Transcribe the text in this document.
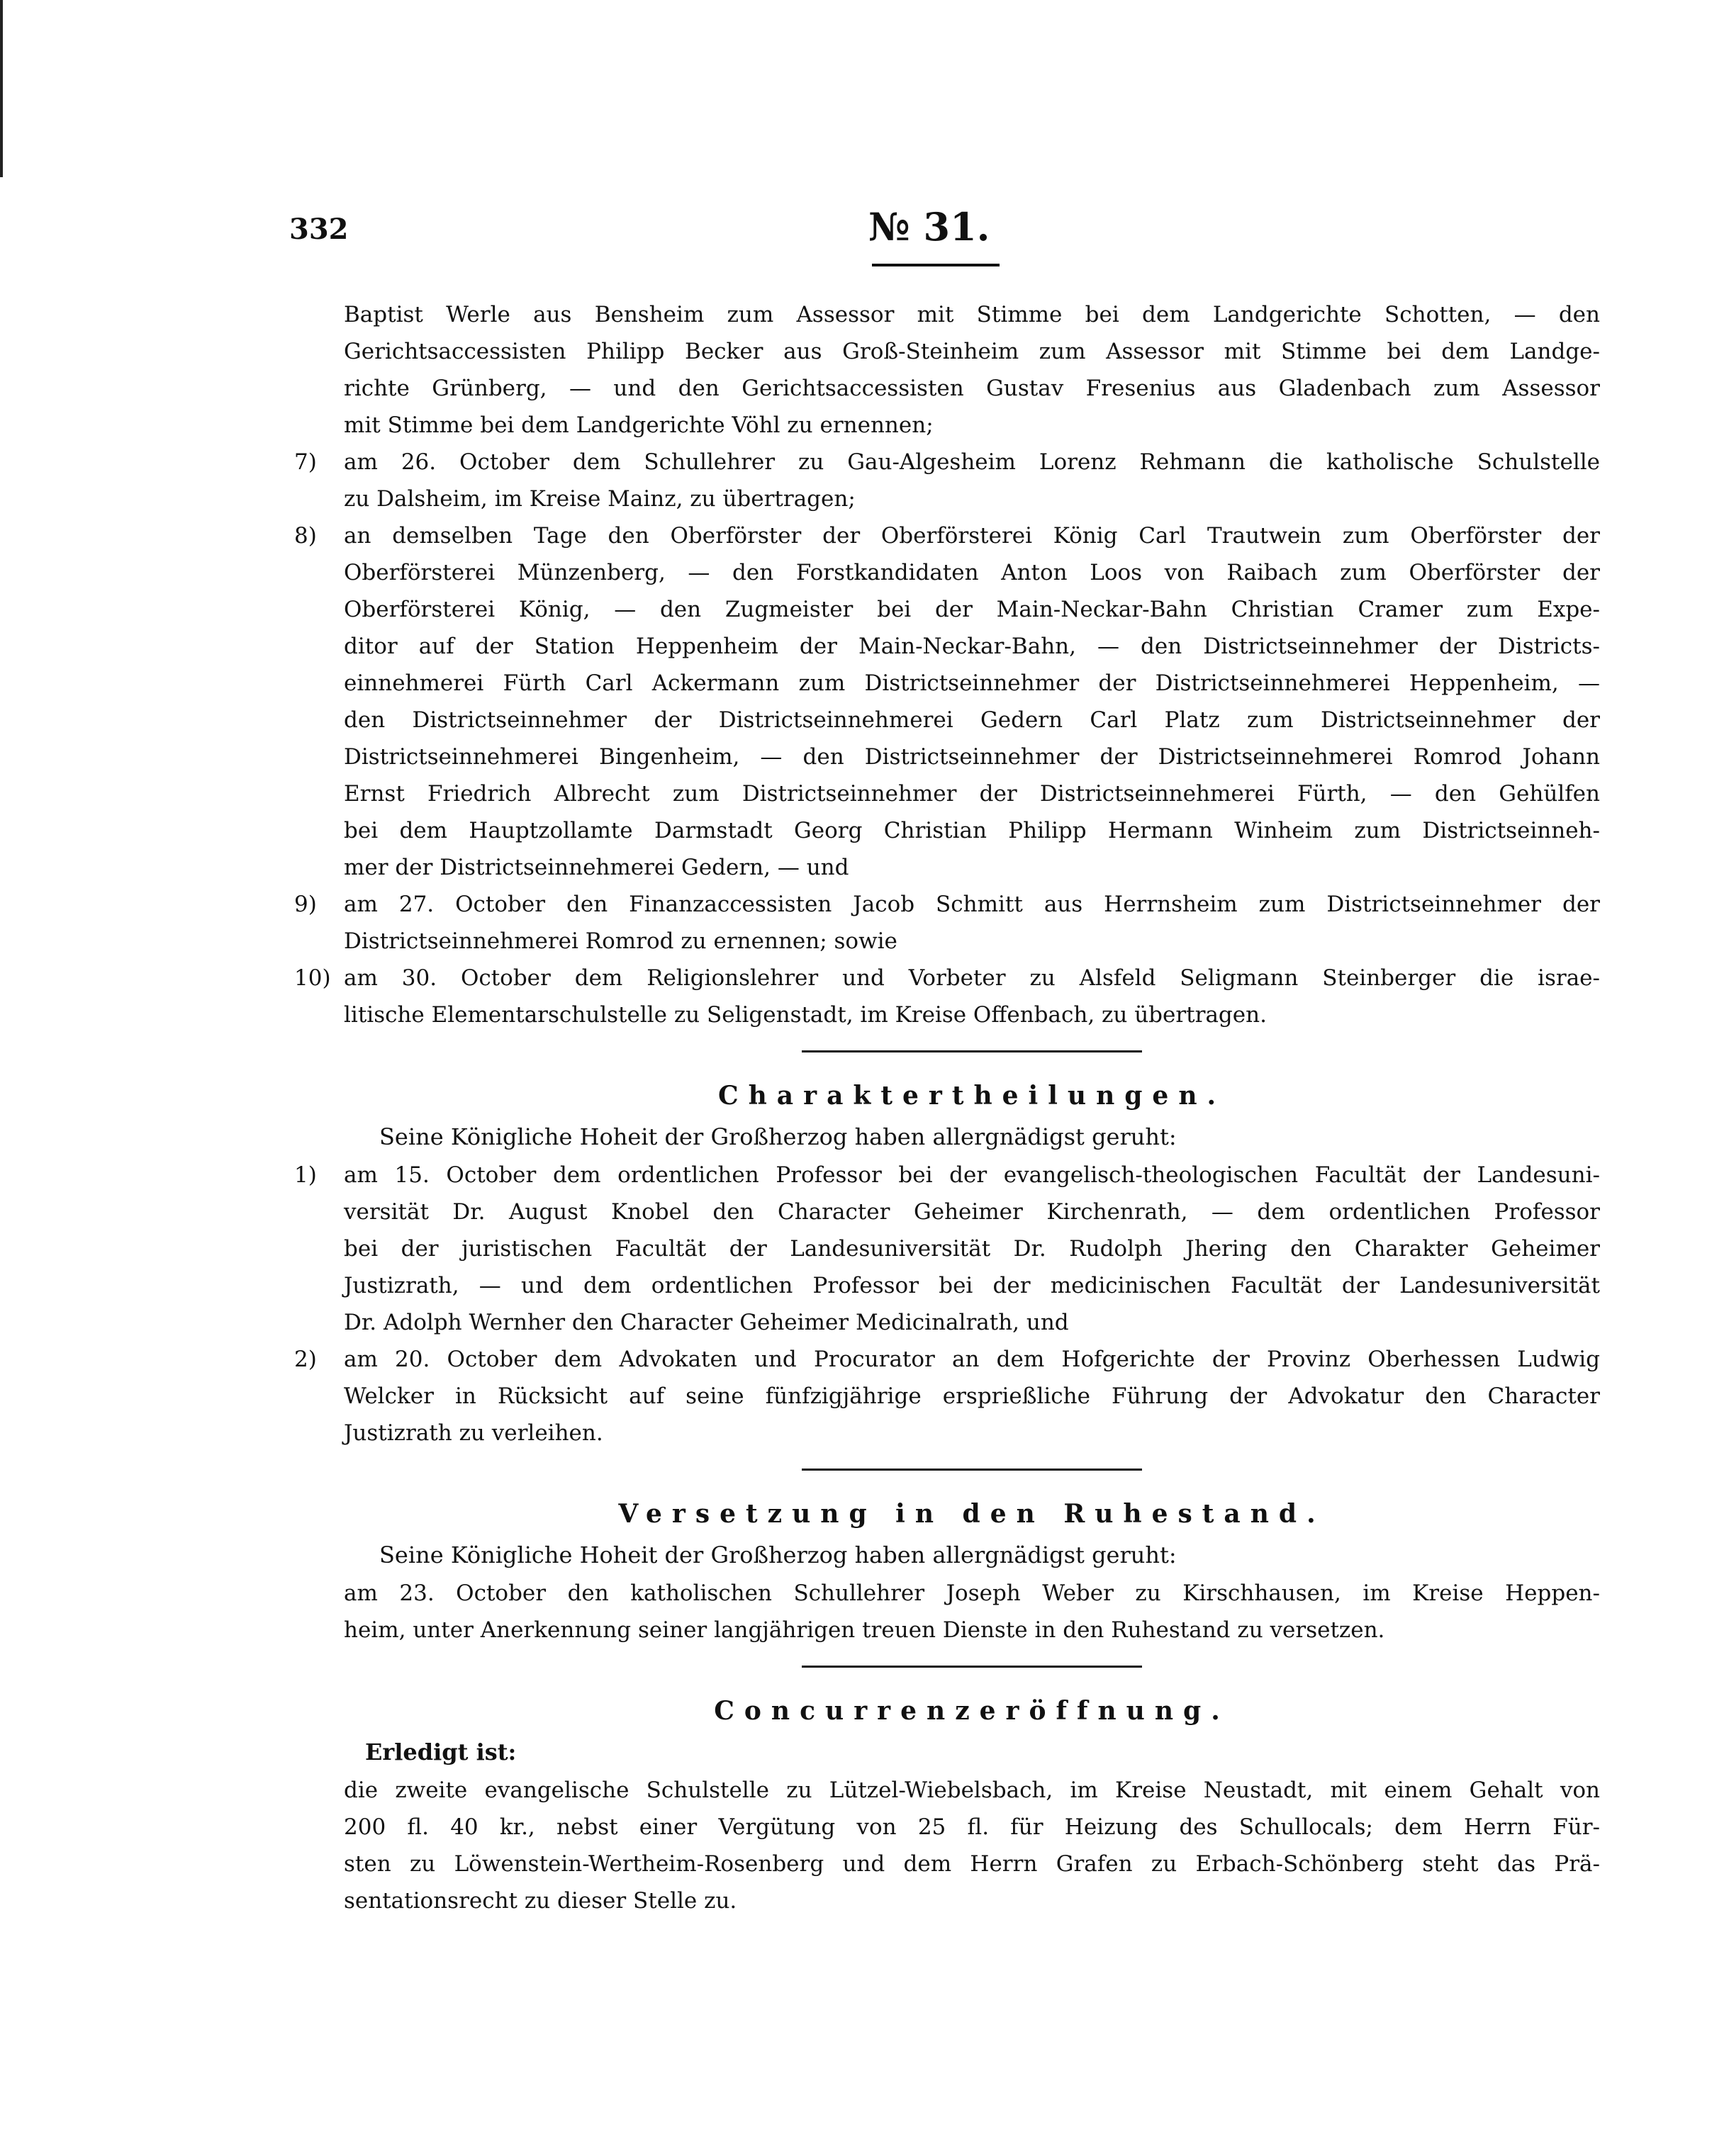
332	№ 31.
Baptist Werle aus Bensheim zum Assessor mit Stimme bei dem Landgerichte Schotten, — den
Gerichtsaccessisten Philipp Becker aus Groß-Steinheim zum Assessor mit Stimme bei dem Landge-
richte Grünberg, — und den Gerichtsaccessisten Gustav Fresenius aus Gladenbach zum Assessor
mit Stimme bei dem Landgerichte Vöhl zu ernennen;
am 26. October dem Schullehrer zu Gau-Algesheim Lorenz Rehmann die katholische Schulstelle
7)
zu Dalsheim, im Kreise Mainz, zu übertragen;
an demselben Tage den Oberförster der Oberförsterei König Carl Trautwein zum Oberförster der
8)
Oberförsterei Münzenberg, — den Forstkandidaten Anton Loos von Raibach zum Oberförster der
Oberförsterei König, — den Zugmeister bei der Main-Neckar-Bahn Christian Cramer zum Expe-
ditor auf der Station Heppenheim der Main-Neckar-Bahn, — den Districtseinnehmer der Districts-
einnehmerei Fürth Carl Ackermann zum Districtseinnehmer der Districtseinnehmerei Heppenheim, —
den Districtseinnehmer der Districtseinnehmerei Gedern Carl Platz zum Districtseinnehmer der
Districtseinnehmerei Bingenheim, — den Districtseinnehmer der Districtseinnehmerei Romrod Johann
Ernst Friedrich Albrecht zum Districtseinnehmer der Districtseinnehmerei Fürth, — den Gehülfen
bei dem Hauptzollamte Darmstadt Georg Christian Philipp Hermann Winheim zum Districtseinneh-
mer der Districtseinnehmerei Gedern, — und
am 27. October den Finanzaccessisten Jacob Schmitt aus Herrnsheim zum Districtseinnehmer der
9)
Districtseinnehmerei Romrod zu ernennen; sowie
am 30. October dem Religionslehrer und Vorbeter zu Alsfeld Seligmann Steinberger die israe-
10)
litische Elementarschulstelle zu Seligenstadt, im Kreise Offenbach, zu übertragen.
Charaktertheilungen.
Seine Königliche Hoheit der Großherzog haben allergnädigst geruht:
am 15. October dem ordentlichen Professor bei der evangelisch-theologischen Facultät der Landesuni-
1)
versität Dr. August Knobel den Character Geheimer Kirchenrath, — dem ordentlichen Professor
bei der juristischen Facultät der Landesuniversität Dr. Rudolph Jhering den Charakter Geheimer
Justizrath, — und dem ordentlichen Professor bei der medicinischen Facultät der Landesuniversität
Dr. Adolph Wernher den Character Geheimer Medicinalrath, und
am 20. October dem Advokaten und Procurator an dem Hofgerichte der Provinz Oberhessen Ludwig
2)
Welcker in Rücksicht auf seine fünfzigjährige ersprießliche Führung der Advokatur den Character
Justizrath zu verleihen.
Versetzung in den Ruhestand.
Seine Königliche Hoheit der Großherzog haben allergnädigst geruht:
am 23. October den katholischen Schullehrer Joseph Weber zu Kirschhausen, im Kreise Heppen-
heim, unter Anerkennung seiner langjährigen treuen Dienste in den Ruhestand zu versetzen.
Concurrenzeröffnung.
Erledigt ist:
die zweite evangelische Schulstelle zu Lützel-Wiebelsbach, im Kreise Neustadt, mit einem Gehalt von
200 fl. 40 kr., nebst einer Vergütung von 25 fl. für Heizung des Schullocals; dem Herrn Für-
sten zu Löwenstein-Wertheim-Rosenberg und dem Herrn Grafen zu Erbach-Schönberg steht das Prä-
sentationsrecht zu dieser Stelle zu.
